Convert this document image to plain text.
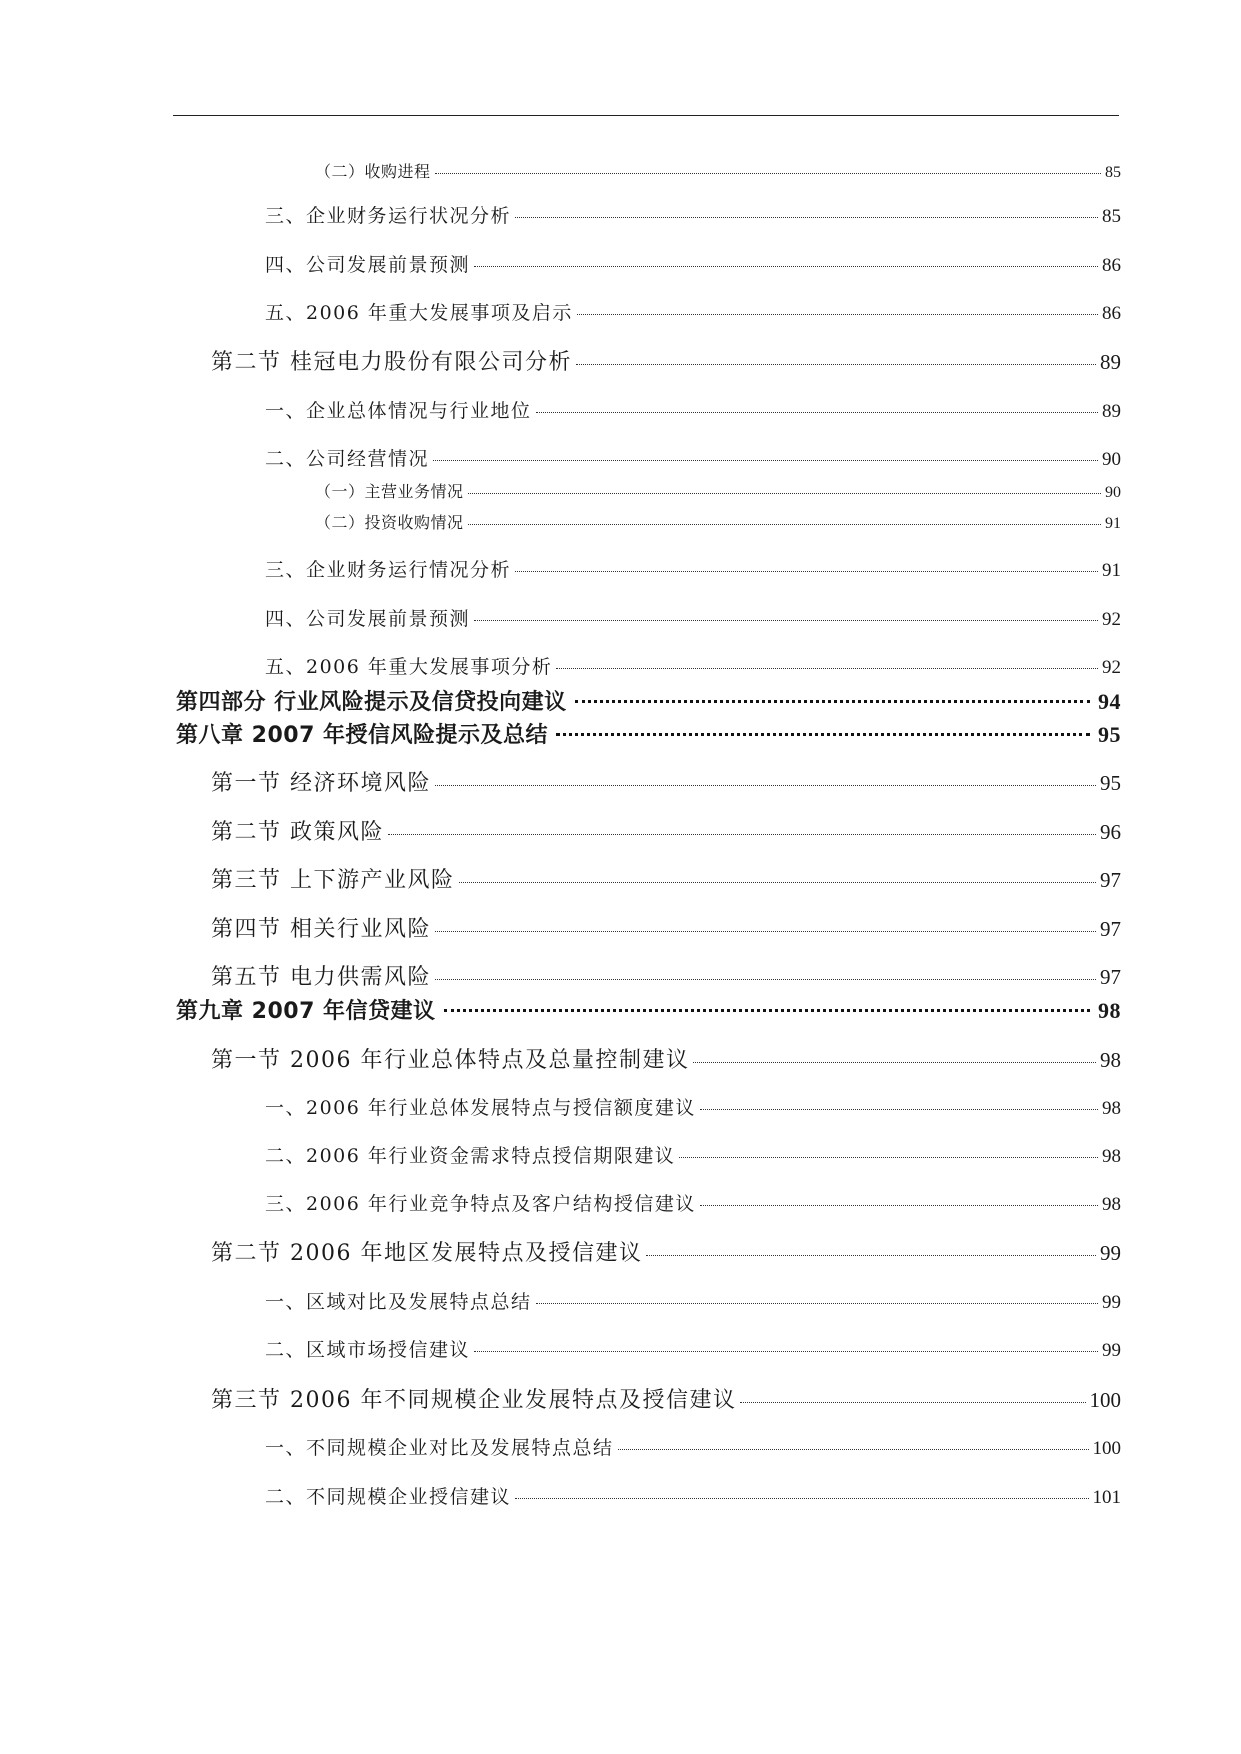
（二）收购进程	85
三、企业财务运行状况分析	85
四、公司发展前景预测	86
五、2006 年重大发展事项及启示	86
第二节 桂冠电力股份有限公司分析	89
一、企业总体情况与行业地位	89
二、公司经营情况	90
（一）主营业务情况	90
（二）投资收购情况	91
三、企业财务运行情况分析	91
四、公司发展前景预测	92
五、2006 年重大发展事项分析	92
第四部分 行业风险提示及信贷投向建议	94
第八章 2007 年授信风险提示及总结	95
第一节 经济环境风险	95
第二节 政策风险	96
第三节 上下游产业风险	97
第四节 相关行业风险	97
第五节 电力供需风险	97
第九章 2007 年信贷建议	98
第一节 2006 年行业总体特点及总量控制建议	98
一、2006 年行业总体发展特点与授信额度建议	98
二、2006 年行业资金需求特点授信期限建议	98
三、2006 年行业竞争特点及客户结构授信建议	98
第二节 2006 年地区发展特点及授信建议	99
一、区域对比及发展特点总结	99
二、区域市场授信建议	99
第三节 2006 年不同规模企业发展特点及授信建议	100
一、不同规模企业对比及发展特点总结	100
二、不同规模企业授信建议	101
